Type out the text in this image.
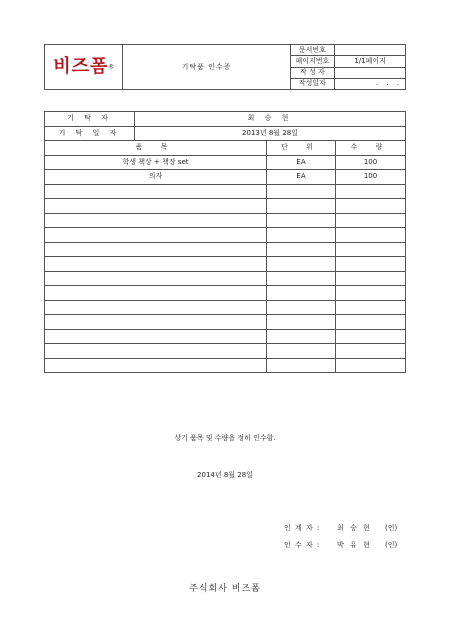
비즈폼®	기탁품 인수증	문서번호	
		페이지번호	1/1페이지
		작 성 자	
		작성일자	. . .
기 탁 자	최 승 현		
기 탁 일 자	2013년 8월 28일		
품 목		단 위	수 량
학생 책상 + 책장 set		EA	100
의자		EA	100

상기 품목 및 수량을 정히 인수함.
2014년 8월 28일
인 계 자 :	최 승 현	(인)
인 수 자 :	박 유 현	(인)
주식회사 비즈폼
